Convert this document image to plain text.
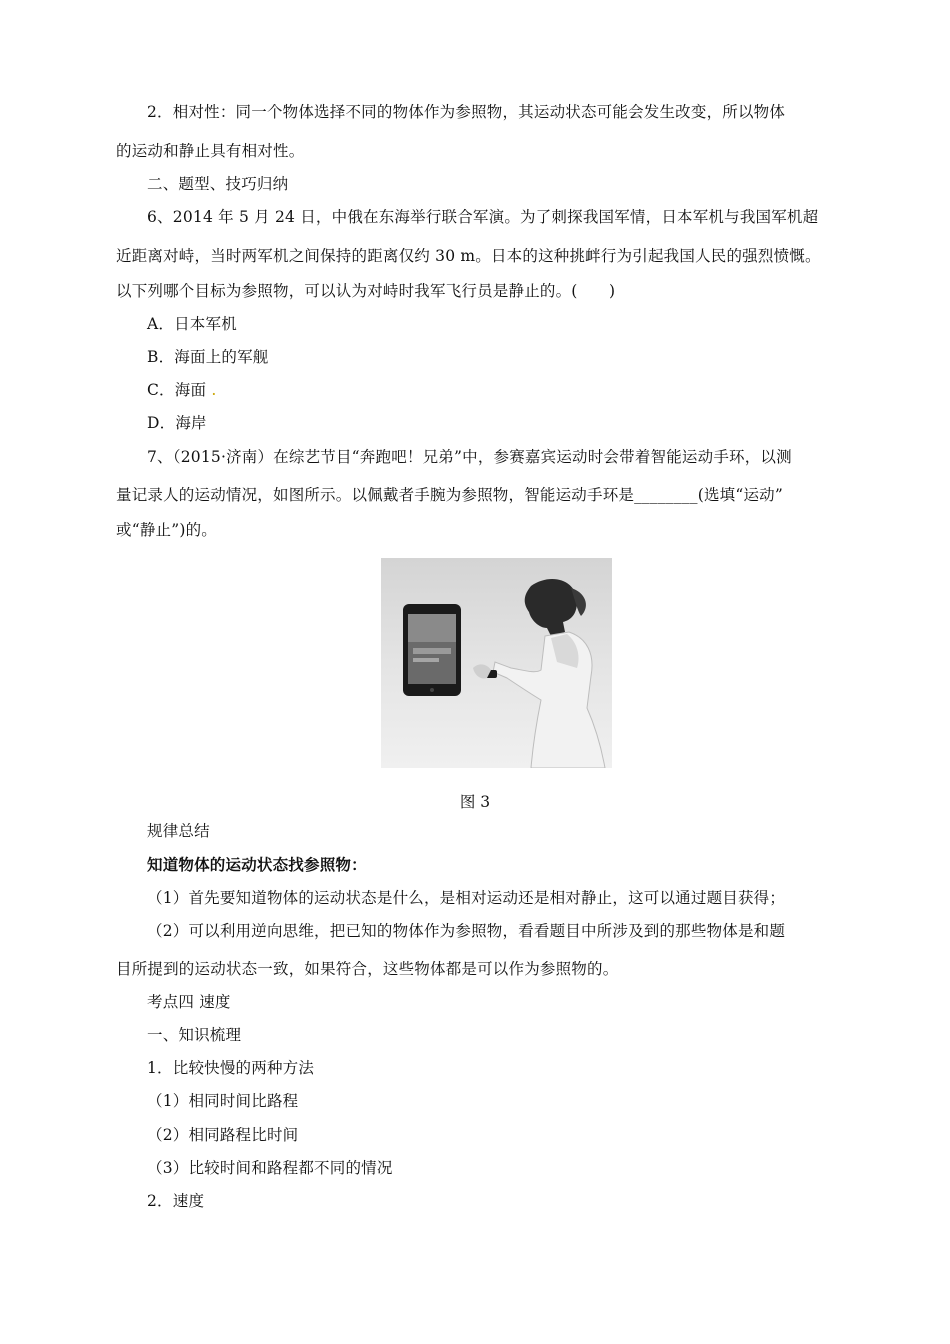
2．相对性：同一个物体选择不同的物体作为参照物，其运动状态可能会发生改变，所以物体
的运动和静止具有相对性。
二、题型、技巧归纳
6、2014 年 5 月 24 日，中俄在东海举行联合军演。为了刺探我国军情，日本军机与我国军机超
近距离对峙，当时两军机之间保持的距离仅约 30 m。日本的这种挑衅行为引起我国人民的强烈愤慨。
以下列哪个目标为参照物，可以认为对峙时我军飞行员是静止的。(　　)
A．日本军机
B．海面上的军舰
C．海面 .
D．海岸
7、（2015·济南）在综艺节目“奔跑吧！兄弟”中，参赛嘉宾运动时会带着智能运动手环，以测
量记录人的运动情况，如图所示。以佩戴者手腕为参照物，智能运动手环是________(选填“运动”
或“静止”)的。
图 3
规律总结
知道物体的运动状态找参照物：
（1）首先要知道物体的运动状态是什么，是相对运动还是相对静止，这可以通过题目获得；
（2）可以利用逆向思维，把已知的物体作为参照物，看看题目中所涉及到的那些物体是和题
目所提到的运动状态一致，如果符合，这些物体都是可以作为参照物的。
考点四 速度
一、知识梳理
1．比较快慢的两种方法
（1）相同时间比路程
（2）相同路程比时间
（3）比较时间和路程都不同的情况
2．速度
